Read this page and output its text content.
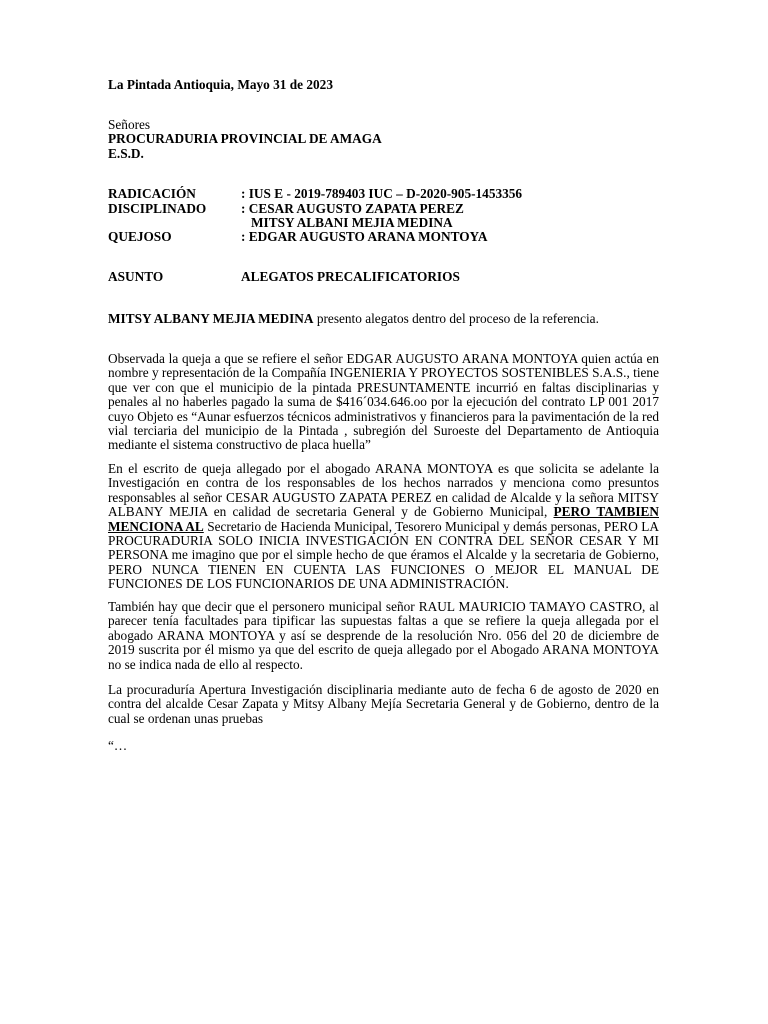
La Pintada Antioquia, Mayo 31 de 2023
Señores
PROCURADURIA PROVINCIAL DE AMAGA
E.S.D.
RADICACIÓN	: IUS E - 2019-789403 IUC – D-2020-905-1453356
DISCIPLINADO	: CESAR AUGUSTO ZAPATA PEREZ
MITSY ALBANI MEJIA MEDINA
QUEJOSO	: EDGAR AUGUSTO ARANA MONTOYA
ASUNTO	ALEGATOS PRECALIFICATORIOS
MITSY ALBANY MEJIA MEDINA presento alegatos dentro del proceso de la referencia.

Observada la queja a que se refiere el señor EDGAR AUGUSTO ARANA MONTOYA quien actúa en nombre y representación de la Compañía INGENIERIA Y PROYECTOS SOSTENIBLES S.A.S., tiene que ver con que el municipio de la pintada PRESUNTAMENTE incurrió en faltas disciplinarias y penales al no haberles pagado la suma de $416´034.646.oo por la ejecución del contrato LP 001 2017 cuyo Objeto es “Aunar esfuerzos técnicos administrativos y financieros para la pavimentación de la red vial terciaria del municipio de la Pintada , subregión del Suroeste del Departamento de Antioquia mediante el sistema constructivo de placa huella”

En el escrito de queja allegado por el abogado ARANA MONTOYA es que solicita se adelante la Investigación en contra de los responsables de los hechos narrados y menciona como presuntos responsables al señor CESAR AUGUSTO ZAPATA PEREZ en calidad de Alcalde y la señora MITSY ALBANY MEJIA en calidad de secretaria General y de Gobierno Municipal, PERO TAMBIEN MENCIONA AL Secretario de Hacienda Municipal, Tesorero Municipal y demás personas, PERO LA PROCURADURIA SOLO INICIA INVESTIGACIÓN EN CONTRA DEL SEÑOR CESAR Y MI PERSONA me imagino que por el simple hecho de que éramos el Alcalde y la secretaria de Gobierno, PERO NUNCA TIENEN EN CUENTA LAS FUNCIONES O MEJOR EL MANUAL DE FUNCIONES DE LOS FUNCIONARIOS DE UNA ADMINISTRACIÓN.

También hay que decir que el personero municipal señor RAUL MAURICIO TAMAYO CASTRO, al parecer tenía facultades para tipificar las supuestas faltas a que se refiere la queja allegada por el abogado ARANA MONTOYA y así se desprende de la resolución Nro. 056 del 20 de diciembre de 2019 suscrita por él mismo ya que del escrito de queja allegado por el Abogado ARANA MONTOYA no se indica nada de ello al respecto.

La procuraduría Apertura Investigación disciplinaria mediante auto de fecha 6 de agosto de 2020 en contra del alcalde Cesar Zapata y Mitsy Albany Mejía Secretaria General y de Gobierno, dentro de la cual se ordenan unas pruebas

“…
